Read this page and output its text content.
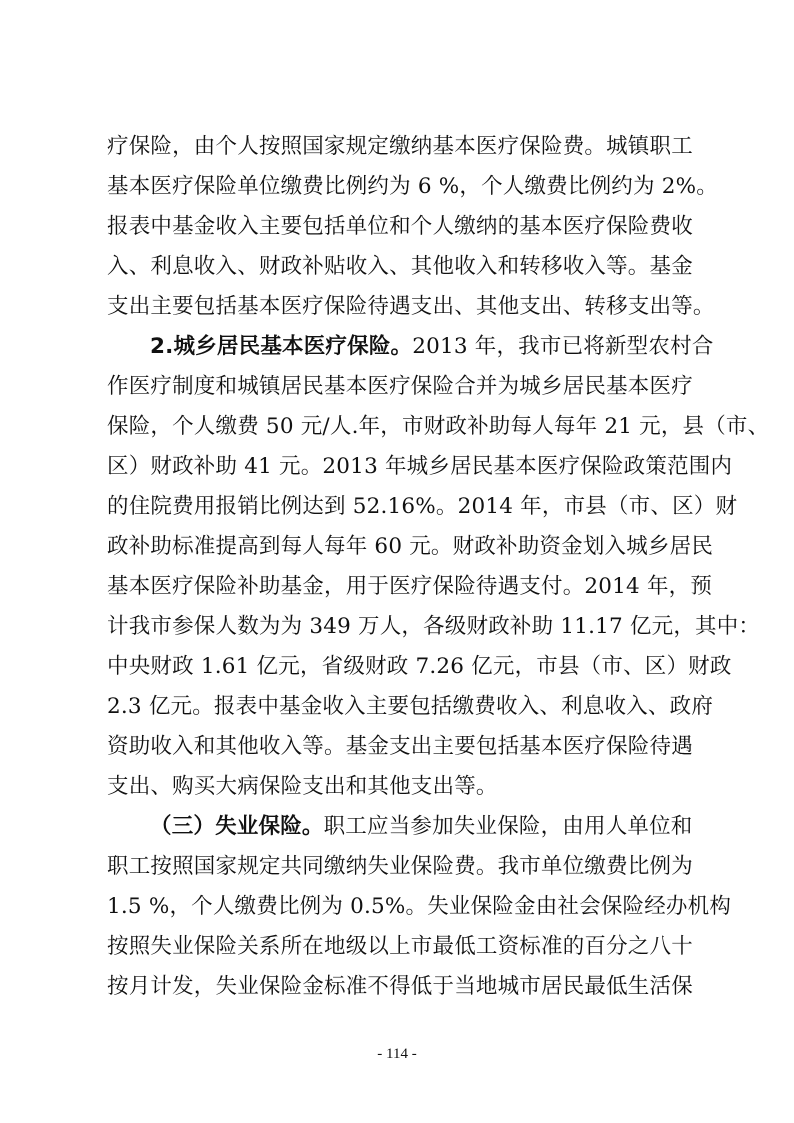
疗保险，由个人按照国家规定缴纳基本医疗保险费。城镇职工
基本医疗保险单位缴费比例约为 6 %，个人缴费比例约为 2%。
报表中基金收入主要包括单位和个人缴纳的基本医疗保险费收
入、利息收入、财政补贴收入、其他收入和转移收入等。基金
支出主要包括基本医疗保险待遇支出、其他支出、转移支出等。
2.城乡居民基本医疗保险。2013 年，我市已将新型农村合
作医疗制度和城镇居民基本医疗保险合并为城乡居民基本医疗
保险，个人缴费 50 元/人.年，市财政补助每人每年 21 元，县（市、
区）财政补助 41 元。2013 年城乡居民基本医疗保险政策范围内
的住院费用报销比例达到 52.16%。2014 年，市县（市、区）财
政补助标准提高到每人每年 60 元。财政补助资金划入城乡居民
基本医疗保险补助基金，用于医疗保险待遇支付。2014 年，预
计我市参保人数为为 349 万人，各级财政补助 11.17 亿元，其中：
中央财政 1.61 亿元，省级财政 7.26 亿元，市县（市、区）财政
2.3 亿元。报表中基金收入主要包括缴费收入、利息收入、政府
资助收入和其他收入等。基金支出主要包括基本医疗保险待遇
支出、购买大病保险支出和其他支出等。
（三）失业保险。职工应当参加失业保险，由用人单位和
职工按照国家规定共同缴纳失业保险费。我市单位缴费比例为
1.5 %，个人缴费比例为 0.5%。失业保险金由社会保险经办机构
按照失业保险关系所在地级以上市最低工资标准的百分之八十
按月计发，失业保险金标准不得低于当地城市居民最低生活保
- 114 -
